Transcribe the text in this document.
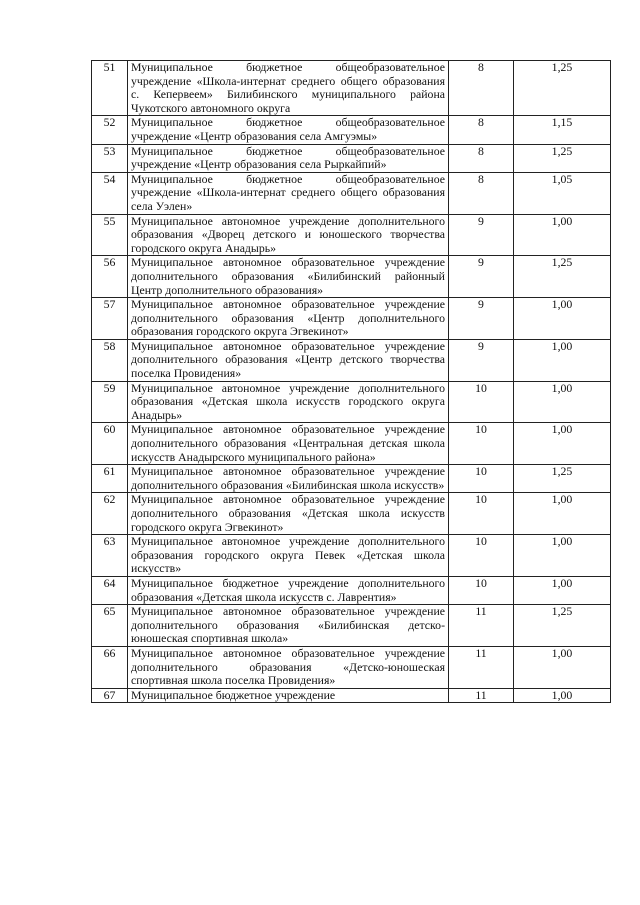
51	Муниципальное бюджетное общеобразовательное учреждение «Школа-интернат среднего общего образования с. Кепервеем» Билибинского муниципального района Чукотского автономного округа	8	1,25
52	Муниципальное бюджетное общеобразовательное учреждение «Центр образования села Амгуэмы»	8	1,15
53	Муниципальное бюджетное общеобразовательное учреждение «Центр образования села Рыркайпий»	8	1,25
54	Муниципальное бюджетное общеобразовательное учреждение «Школа-интернат среднего общего образования села Уэлен»	8	1,05
55	Муниципальное автономное учреждение дополнительного образования «Дворец детского и юношеского творчества городского округа Анадырь»	9	1,00
56	Муниципальное автономное образовательное учреждение дополнительного образования «Билибинский районный Центр дополнительного образования»	9	1,25
57	Муниципальное автономное образовательное учреждение дополнительного образования «Центр дополнительного образования городского округа Эгвекинот»	9	1,00
58	Муниципальное автономное образовательное учреждение дополнительного образования «Центр детского творчества поселка Провидения»	9	1,00
59	Муниципальное автономное учреждение дополнительного образования «Детская школа искусств городского округа Анадырь»	10	1,00
60	Муниципальное автономное образовательное учреждение дополнительного образования «Центральная детская школа искусств Анадырского муниципального района»	10	1,00
61	Муниципальное автономное образовательное учреждение дополнительного образования «Билибинская школа искусств»	10	1,25
62	Муниципальное автономное образовательное учреждение дополнительного образования «Детская школа искусств городского округа Эгвекинот»	10	1,00
63	Муниципальное автономное учреждение дополнительного образования городского округа Певек «Детская школа искусств»	10	1,00
64	Муниципальное бюджетное учреждение дополнительного образования «Детская школа искусств с. Лаврентия»	10	1,00
65	Муниципальное автономное образовательное учреждение дополнительного образования «Билибинская детско-юношеская спортивная школа»	11	1,25
66	Муниципальное автономное образовательное учреждение дополнительного образования «Детско-юношеская спортивная школа поселка Провидения»	11	1,00
67	Муниципальное бюджетное учреждение	11	1,00
